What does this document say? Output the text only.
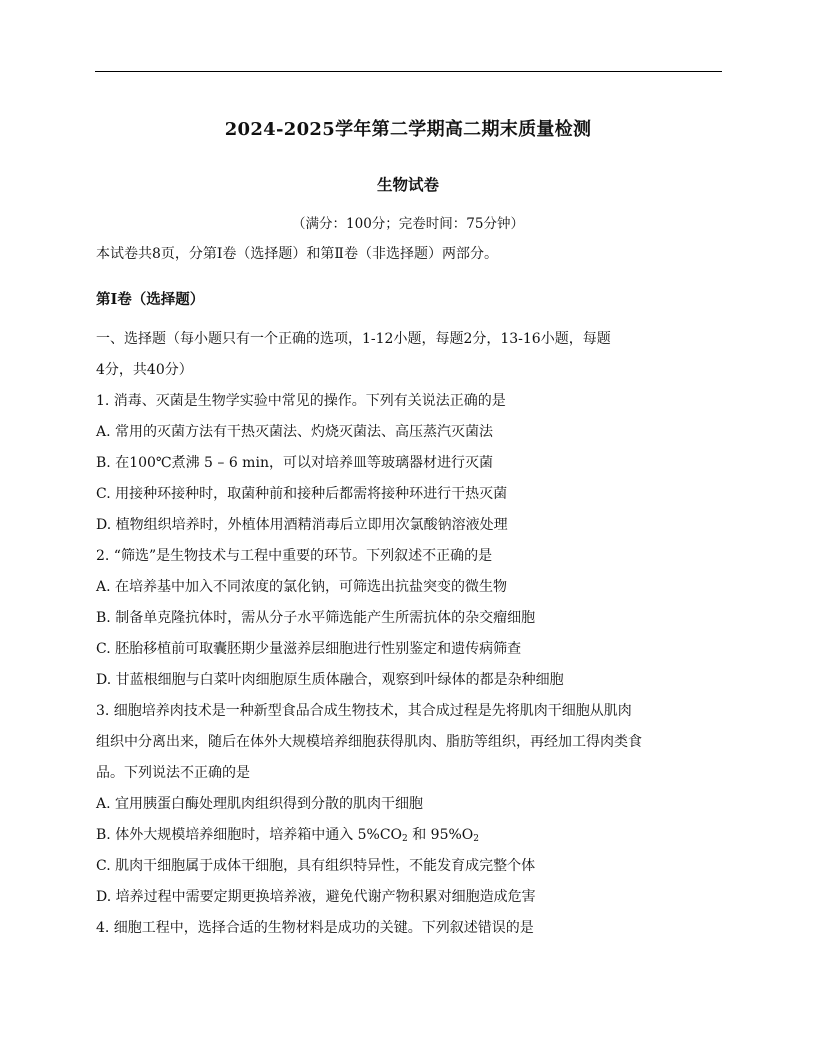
2024-2025学年第二学期高二期末质量检测
生物试卷
（满分：100分；完卷时间：75分钟）
本试卷共8页，分第Ⅰ卷（选择题）和第Ⅱ卷（非选择题）两部分。
第Ⅰ卷（选择题）
一、选择题（每小题只有一个正确的选项，1-12小题，每题2分，13-16小题，每题
4分，共40分）
1. 消毒、灭菌是生物学实验中常见的操作。下列有关说法正确的是
A. 常用的灭菌方法有干热灭菌法、灼烧灭菌法、高压蒸汽灭菌法
B. 在100℃煮沸 5 – 6 min，可以对培养皿等玻璃器材进行灭菌
C. 用接种环接种时，取菌种前和接种后都需将接种环进行干热灭菌
D. 植物组织培养时，外植体用酒精消毒后立即用次氯酸钠溶液处理
2. “筛选”是生物技术与工程中重要的环节。下列叙述不正确的是
A. 在培养基中加入不同浓度的氯化钠，可筛选出抗盐突变的微生物
B. 制备单克隆抗体时，需从分子水平筛选能产生所需抗体的杂交瘤细胞
C. 胚胎移植前可取囊胚期少量滋养层细胞进行性别鉴定和遗传病筛查
D. 甘蓝根细胞与白菜叶肉细胞原生质体融合，观察到叶绿体的都是杂种细胞
3. 细胞培养肉技术是一种新型食品合成生物技术，其合成过程是先将肌肉干细胞从肌肉
组织中分离出来，随后在体外大规模培养细胞获得肌肉、脂肪等组织，再经加工得肉类食
品。下列说法不正确的是
A. 宜用胰蛋白酶处理肌肉组织得到分散的肌肉干细胞
B. 体外大规模培养细胞时，培养箱中通入 $5\%CO_2$ 和 $95\%O_2$
C. 肌肉干细胞属于成体干细胞，具有组织特异性，不能发育成完整个体
D. 培养过程中需要定期更换培养液，避免代谢产物积累对细胞造成危害
4. 细胞工程中，选择合适的生物材料是成功的关键。下列叙述错误的是
